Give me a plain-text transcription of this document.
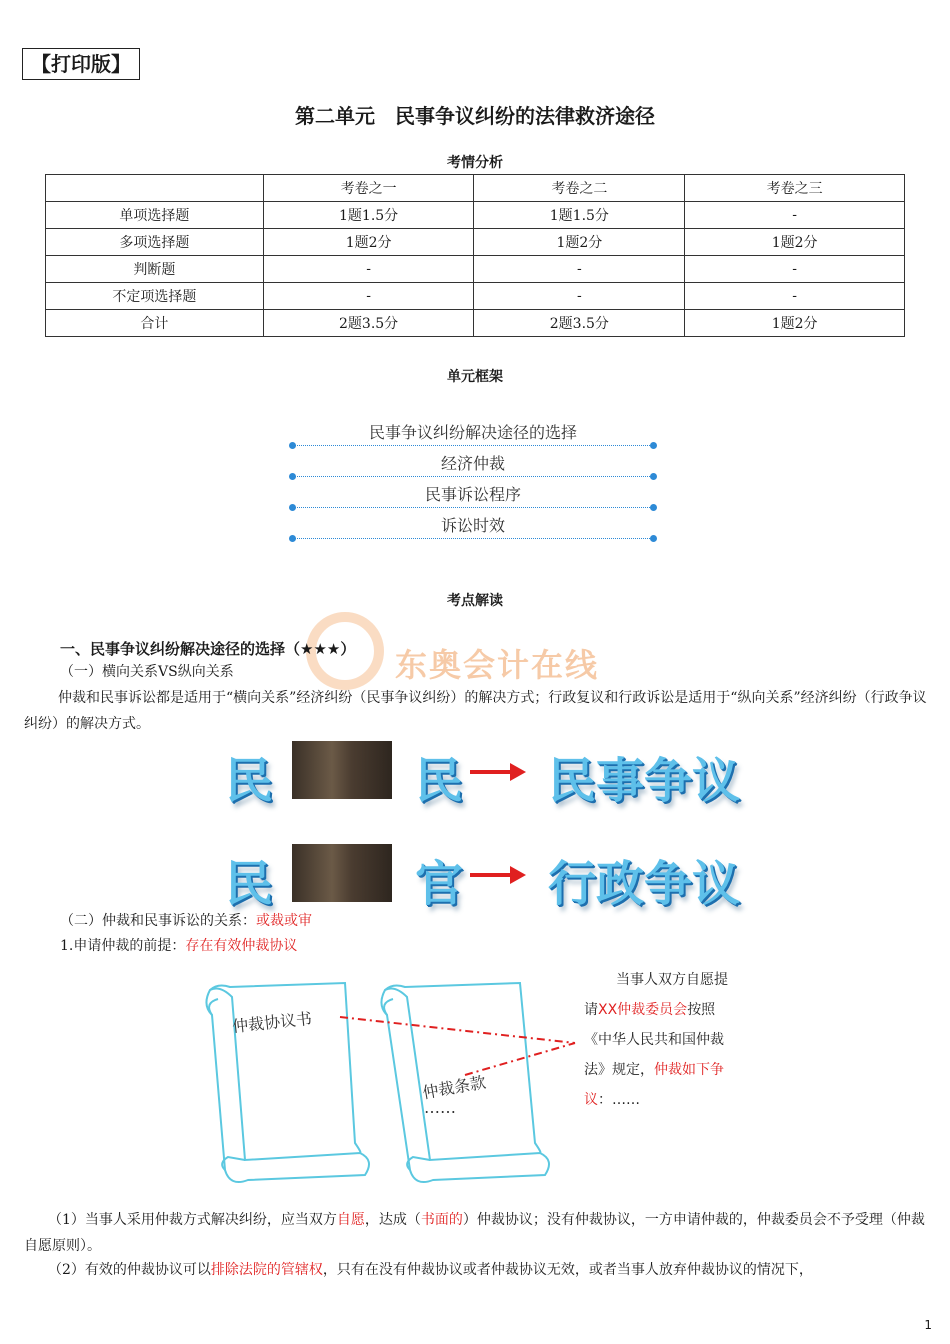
【打印版】
第二单元　民事争议纠纷的法律救济途径
考情分析
	考卷之一	考卷之二	考卷之三
单项选择题	1题1.5分	1题1.5分	-
多项选择题	1题2分	1题2分	1题2分
判断题	-	-	-
不定项选择题	-	-	-
合计	2题3.5分	2题3.5分	1题2分
单元框架
民事争议纠纷解决途径的选择
经济仲裁
民事诉讼程序
诉讼时效
东奥会计在线
考点解读
一、民事争议纠纷解决途径的选择（★★★）
（一）横向关系VS纵向关系
仲裁和民事诉讼都是适用于“横向关系”经济纠纷（民事争议纠纷）的解决方式；行政复议和行政诉讼是适用于“纵向关系”经济纠纷（行政争议纠纷）的解决方式。
民	民 民事争议
民	官 行政争议
（二）仲裁和民事诉讼的关系：或裁或审
1.申请仲裁的前提：存在有效仲裁协议
仲裁协议书
仲裁条款
……
当事人双方自愿提
请XX仲裁委员会按照
《中华人民共和国仲裁
法》规定，仲裁如下争
议：……
（1）当事人采用仲裁方式解决纠纷，应当双方自愿，达成（书面的）仲裁协议；没有仲裁协议，一方申请仲裁的，仲裁委员会不予受理（仲裁自愿原则）。
（2）有效的仲裁协议可以排除法院的管辖权，只有在没有仲裁协议或者仲裁协议无效，或者当事人放弃仲裁协议的情况下，
1
